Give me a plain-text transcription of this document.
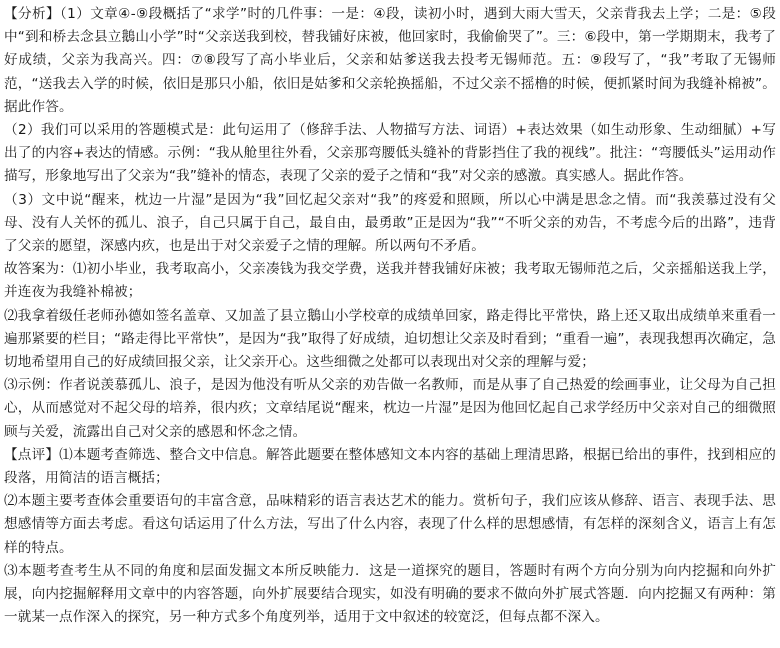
【分析】（1）文章④-⑨段概括了“求学”时的几件事：一是：④段，读初小时，遇到大雨大雪天，父亲背我去上学；二是：⑤段中“到和桥去念县立鵝山小学”时“父亲送我到校，替我铺好床被，他回家时，我偷偷哭了”。三：⑥段中，第一学期期末，我考了好成绩，父亲为我高兴。四：⑦⑧段写了高小毕业后，父亲和姑爹送我去投考无锡师范。五：⑨段写了，“我”考取了无锡师范，“送我去入学的时候，依旧是那只小船，依旧是姑爹和父亲轮换摇船，不过父亲不摇橹的时候，便抓紧时间为我缝补棉被”。据此作答。

（2）我们可以采用的答题模式是：此句运用了（修辞手法、人物描写方法、词语）+表达效果（如生动形象、生动细腻）+写出了的内容+表达的情感。示例：“我从舱里往外看，父亲那弯腰低头缝补的背影挡住了我的视线”。批注：“弯腰低头”运用动作描写，形象地写出了父亲为“我”缝补的情态，表现了父亲的爱子之情和“我”对父亲的感激。真实感人。据此作答。

（3）文中说“醒来，枕边一片湿”是因为“我”回忆起父亲对“我”的疼爱和照顾，所以心中满是思念之情。而“我羡慕过没有父母、没有人关怀的孤儿、浪子，自己只属于自己，最自由，最勇敢”正是因为“我”“不听父亲的劝告，不考虑今后的出路”，违背了父亲的愿望，深感内疚，也是出于对父亲爱子之情的理解。所以两句不矛盾。

故答案为：⑴初小毕业，我考取高小，父亲凑钱为我交学费，送我并替我铺好床被；我考取无锡师范之后，父亲摇船送我上学，并连夜为我缝补棉被；

⑵我拿着级任老师孙德如签名盖章、又加盖了县立鵝山小学校章的成绩单回家，路走得比平常快，路上还又取出成绩单来重看一遍那紧要的栏目；“路走得比平常快”，是因为“我”取得了好成绩，迫切想让父亲及时看到；“重看一遍”，表现我想再次确定，急切地希望用自己的好成绩回报父亲，让父亲开心。这些细微之处都可以表现出对父亲的理解与爱；

⑶示例：作者说羡慕孤儿、浪子，是因为他没有听从父亲的劝告做一名教师，而是从事了自己热爱的绘画事业，让父母为自己担心，从而感觉对不起父母的培养，很内疚；文章结尾说“醒来，枕边一片湿”是因为他回忆起自己求学经历中父亲对自己的细微照顾与关爱，流露出自己对父亲的感恩和怀念之情。

【点评】⑴本题考查筛选、整合文中信息。解答此题要在整体感知文本内容的基础上理清思路，根据已给出的事件，找到相应的段落，用简洁的语言概括；

⑵本题主要考查体会重要语句的丰富含意，品味精彩的语言表达艺术的能力。赏析句子，我们应该从修辞、语言、表现手法、思想感情等方面去考虑。看这句话运用了什么方法，写出了什么内容，表现了什么样的思想感情，有怎样的深刻含义，语言上有怎样的特点。

⑶本题考查考生从不同的角度和层面发掘文本所反映能力．这是一道探究的题目，答题时有两个方向分别为向内挖掘和向外扩展，向内挖掘解释用文章中的内容答题，向外扩展要结合现实，如没有明确的要求不做向外扩展式答题．向内挖掘又有两种：第一就某一点作深入的探究，另一种方式多个角度列举，适用于文中叙述的较宽泛，但每点都不深入。
